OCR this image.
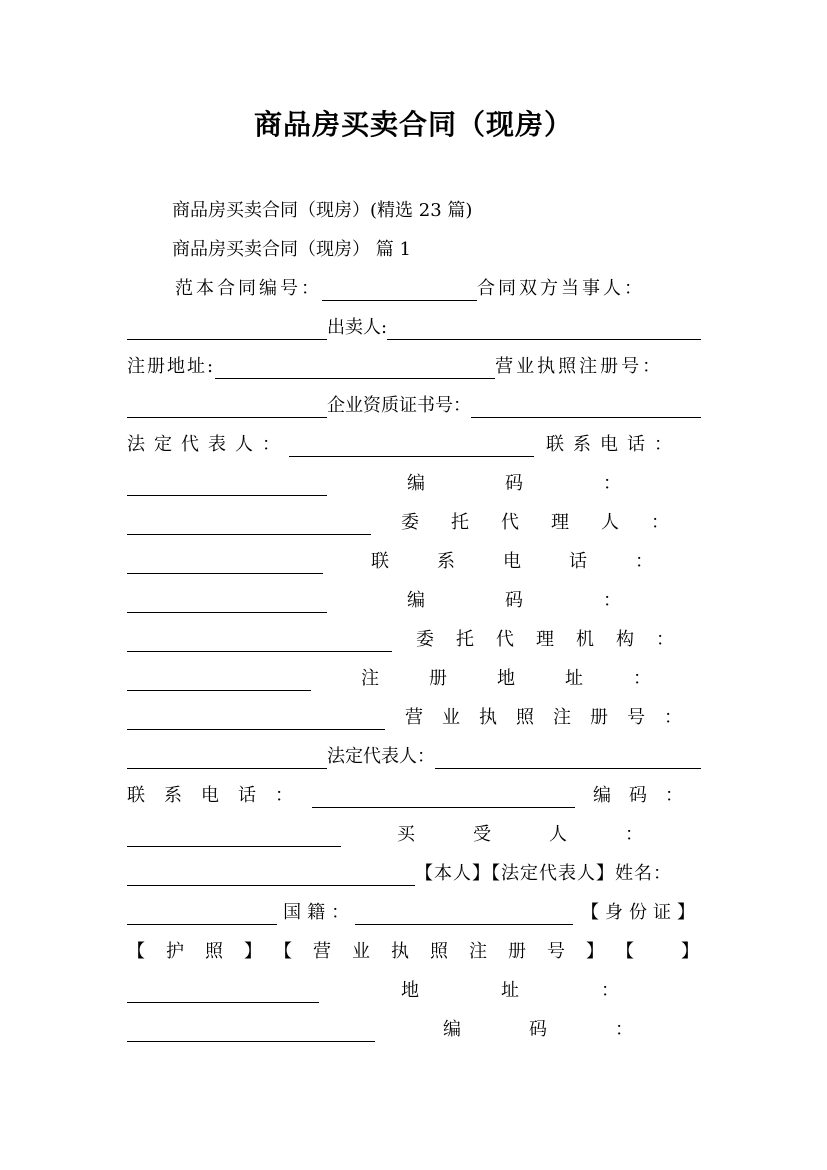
商品房买卖合同（现房）
商品房买卖合同（现房）(精选 23 篇)
商品房买卖合同（现房） 篇 1
范本合同编号：	合同双方当事人：
出卖人:
注册地址:	营业执照注册号：
企业资质证书号：
法定代表人：	联系电话：
编码：
委托代理人：
联系电话：
编码：
委托代理机构：
注册地址：
营业执照注册号：
法定代表人：
联系电话：	编码：
买受人：
【本人】【法定代表人】姓名：
国籍：	【身份证】
【护照】【营业执照注册号】【 】
地址：
编码：
